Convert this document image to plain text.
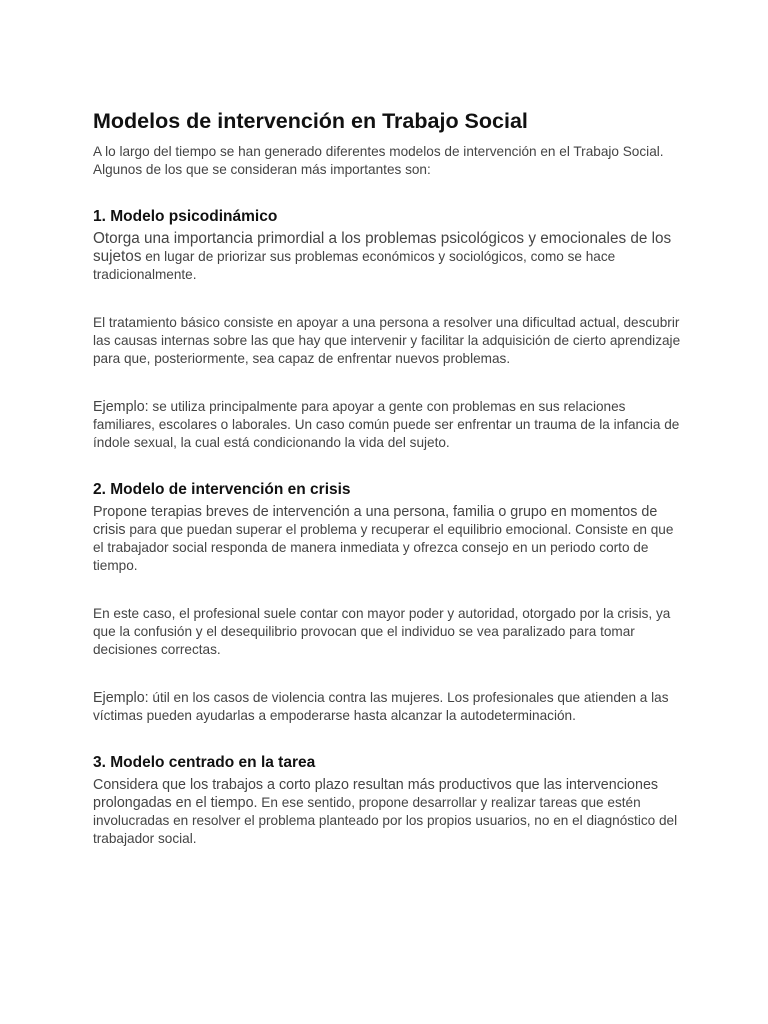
Modelos de intervención en Trabajo Social

A lo largo del tiempo se han generado diferentes modelos de intervención en el Trabajo Social. Algunos de los que se consideran más importantes son:

1. Modelo psicodinámico

Otorga una importancia primordial a los problemas psicológicos y emocionales de los sujetos en lugar de priorizar sus problemas económicos y sociológicos, como se hace tradicionalmente.

El tratamiento básico consiste en apoyar a una persona a resolver una dificultad actual, descubrir las causas internas sobre las que hay que intervenir y facilitar la adquisición de cierto aprendizaje para que, posteriormente, sea capaz de enfrentar nuevos problemas.

Ejemplo: se utiliza principalmente para apoyar a gente con problemas en sus relaciones familiares, escolares o laborales. Un caso común puede ser enfrentar un trauma de la infancia de índole sexual, la cual está condicionando la vida del sujeto.

2. Modelo de intervención en crisis

Propone terapias breves de intervención a una persona, familia o grupo en momentos de crisis para que puedan superar el problema y recuperar el equilibrio emocional. Consiste en que el trabajador social responda de manera inmediata y ofrezca consejo en un periodo corto de tiempo.

En este caso, el profesional suele contar con mayor poder y autoridad, otorgado por la crisis, ya que la confusión y el desequilibrio provocan que el individuo se vea paralizado para tomar decisiones correctas.

Ejemplo: útil en los casos de violencia contra las mujeres. Los profesionales que atienden a las víctimas pueden ayudarlas a empoderarse hasta alcanzar la autodeterminación.

3. Modelo centrado en la tarea

Considera que los trabajos a corto plazo resultan más productivos que las intervenciones prolongadas en el tiempo. En ese sentido, propone desarrollar y realizar tareas que estén involucradas en resolver el problema planteado por los propios usuarios, no en el diagnóstico del trabajador social.
